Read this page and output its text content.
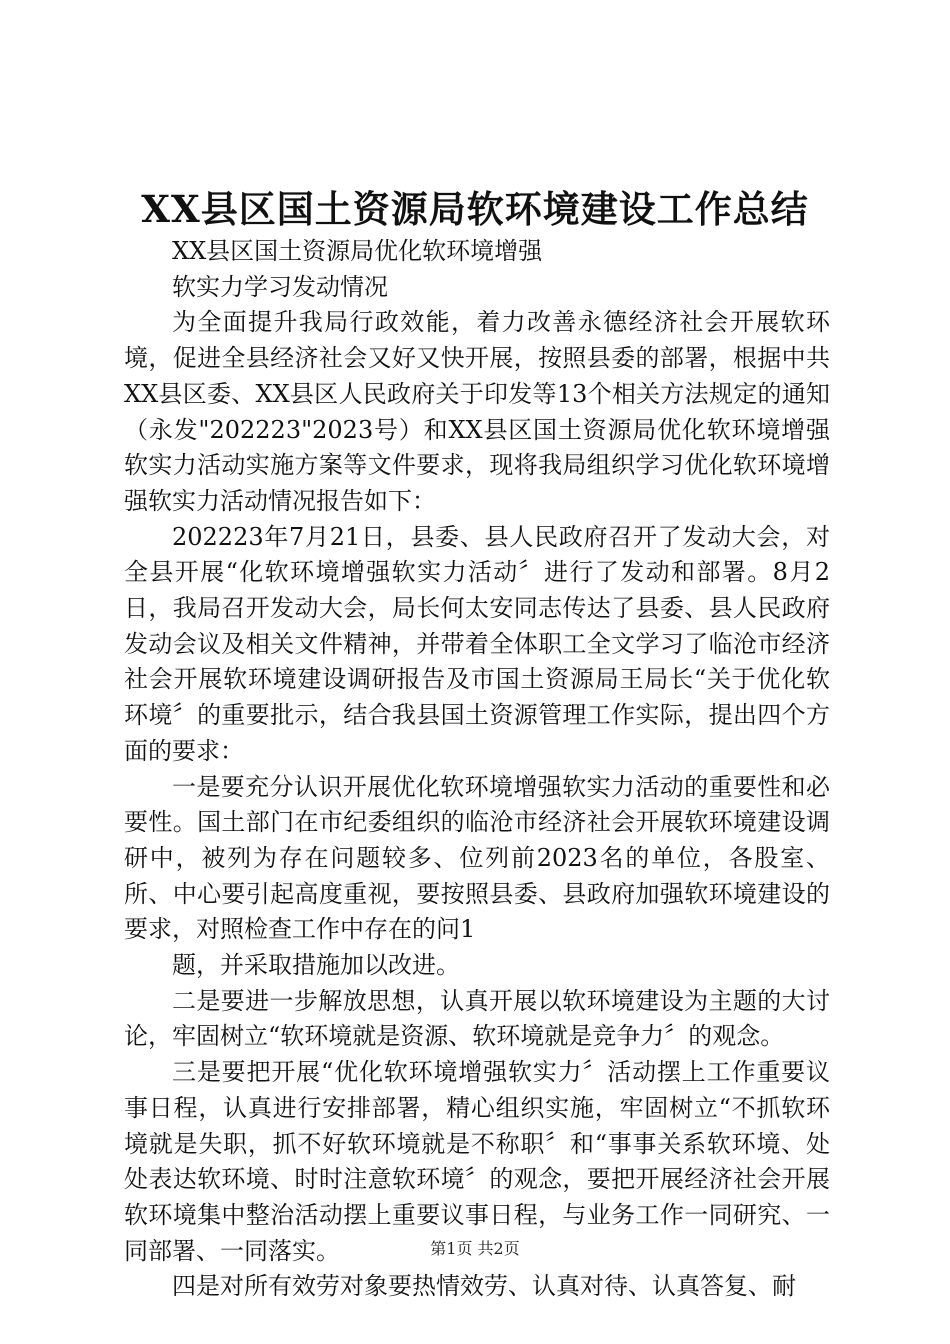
XX县区国土资源局软环境建设工作总结

XX县区国土资源局优化软环境增强

软实力学习发动情况

为全面提升我局行政效能，着力改善永德经济社会开展软环境，促进全县经济社会又好又快开展，按照县委的部署，根据中共XX县区委、XX县区人民政府关于印发等13个相关方法规定的通知（永发"202223"2023号）和XX县区国土资源局优化软环境增强软实力活动实施方案等文件要求，现将我局组织学习优化软环境增强软实力活动情况报告如下：

202223年7月21日，县委、县人民政府召开了发动大会，对全县开展“化软环境增强软实力活动〞进行了发动和部署。8月2日，我局召开发动大会，局长何太安同志传达了县委、县人民政府发动会议及相关文件精神，并带着全体职工全文学习了临沧市经济社会开展软环境建设调研报告及市国土资源局王局长“关于优化软环境〞的重要批示，结合我县国土资源管理工作实际，提出四个方面的要求：

一是要充分认识开展优化软环境增强软实力活动的重要性和必要性。国土部门在市纪委组织的临沧市经济社会开展软环境建设调研中，被列为存在问题较多、位列前2023名的单位，各股室、所、中心要引起高度重视，要按照县委、县政府加强软环境建设的要求，对照检查工作中存在的问1

题，并采取措施加以改进。

二是要进一步解放思想，认真开展以软环境建设为主题的大讨论，牢固树立“软环境就是资源、软环境就是竞争力〞的观念。

三是要把开展“优化软环境增强软实力〞活动摆上工作重要议事日程，认真进行安排部署，精心组织实施，牢固树立“不抓软环境就是失职，抓不好软环境就是不称职〞和“事事关系软环境、处处表达软环境、时时注意软环境〞的观念，要把开展经济社会开展软环境集中整治活动摆上重要议事日程，与业务工作一同研究、一同部署、一同落实。

四是对所有效劳对象要热情效劳、认真对待、认真答复、耐

第1页 共2页
